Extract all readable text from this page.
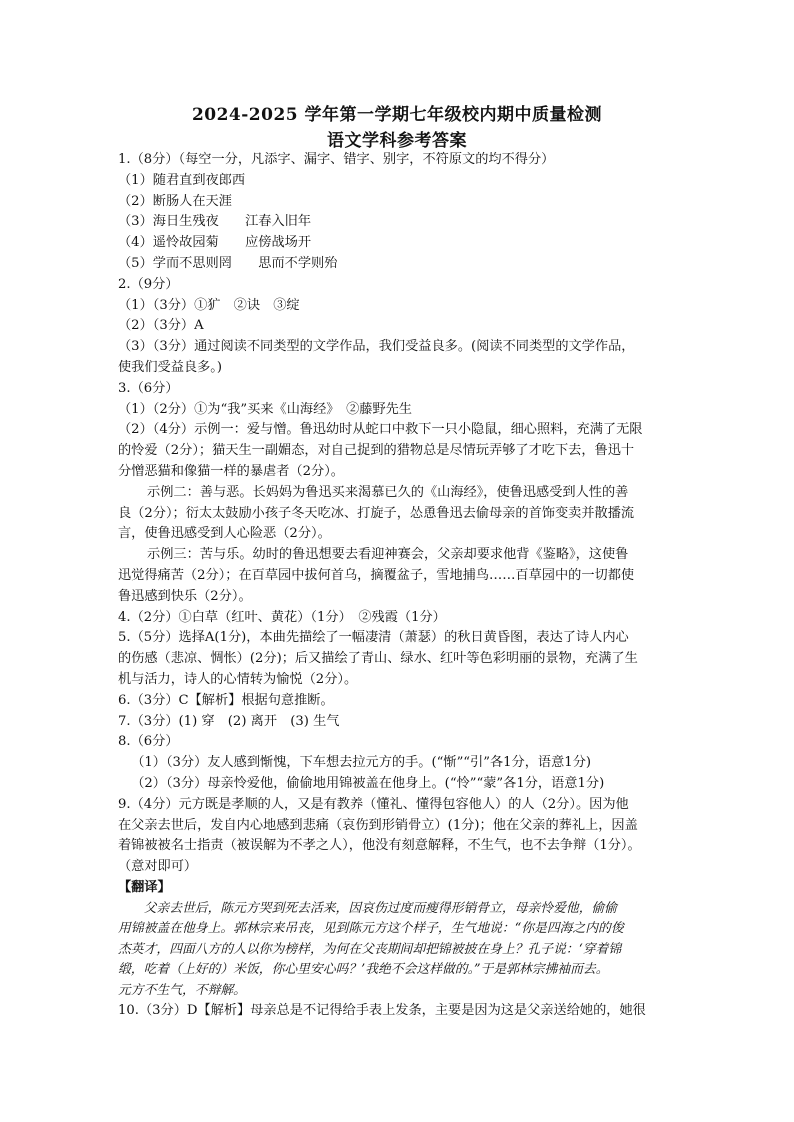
2024-2025 学年第一学期七年级校内期中质量检测
语文学科参考答案

1.（8分）（每空一分，凡添字、漏字、错字、别字，不符原文的均不得分）

（1）随君直到夜郎西

（2）断肠人在天涯

（3）海日生残夜　　江春入旧年

（4）遥怜故园菊　　应傍战场开

（5）学而不思则罔　　思而不学则殆

2.（9分）

（1）（3分）①犷　②诀　③绽

（2）（3分）A

（3）（3分）通过阅读不同类型的文学作品，我们受益良多。(阅读不同类型的文学作品，

使我们受益良多。)

3.（6分）

（1）（2分）①为“我”买来《山海经》　②藤野先生

（2）（4分）示例一：爱与憎。鲁迅幼时从蛇口中救下一只小隐鼠，细心照料，充满了无限

的怜爱（2分）；猫天生一副媚态，对自己捉到的猎物总是尽情玩弄够了才吃下去，鲁迅十

分憎恶猫和像猫一样的暴虐者（2分）。

示例二：善与恶。长妈妈为鲁迅买来渴慕已久的《山海经》，使鲁迅感受到人性的善

良（2分）；衍太太鼓励小孩子冬天吃冰、打旋子，怂恿鲁迅去偷母亲的首饰变卖并散播流

言，使鲁迅感受到人心险恶（2分）。

示例三：苦与乐。幼时的鲁迅想要去看迎神赛会，父亲却要求他背《鉴略》，这使鲁

迅觉得痛苦（2分）；在百草园中拔何首乌，摘覆盆子，雪地捕鸟……百草园中的一切都使

鲁迅感到快乐（2分）。

4.（2分）①白草（红叶、黄花）（1分）　②残霞（1分）

5.（5分）选择A(1分)，本曲先描绘了一幅凄清（萧瑟）的秋日黄昏图，表达了诗人内心

的伤感（悲凉、惆怅）(2分)；后又描绘了青山、绿水、红叶等色彩明丽的景物，充满了生

机与活力，诗人的心情转为愉悦（2分）。

6.（3分）C【解析】根据句意推断。

7.（3分）(1) 穿　(2) 离开　(3) 生气

8.（6分）

（1）（3分）友人感到惭愧，下车想去拉元方的手。(“惭”“引”各1分，语意1分)

（2）（3分）母亲怜爱他，偷偷地用锦被盖在他身上。(“怜”“蒙”各1分，语意1分)

9.（4分）元方既是孝顺的人，又是有教养（懂礼、懂得包容他人）的人（2分）。因为他

在父亲去世后，发自内心地感到悲痛（哀伤到形销骨立）(1分)；他在父亲的葬礼上，因盖

着锦被被名士指责（被误解为不孝之人），他没有刻意解释，不生气，也不去争辩（1分）。

（意对即可）

【翻译】

父亲去世后，陈元方哭到死去活来，因哀伤过度而瘦得形销骨立，母亲怜爱他，偷偷

用锦被盖在他身上。郭林宗来吊丧，见到陈元方这个样子，生气地说：“你是四海之内的俊

杰英才，四面八方的人以你为榜样，为何在父丧期间却把锦被披在身上？孔子说：‘穿着锦

缎，吃着（上好的）米饭，你心里安心吗？’我绝不会这样做的。”于是郭林宗拂袖而去。

元方不生气，不辩解。

10.（3分）D【解析】母亲总是不记得给手表上发条，主要是因为这是父亲送给她的，她很
